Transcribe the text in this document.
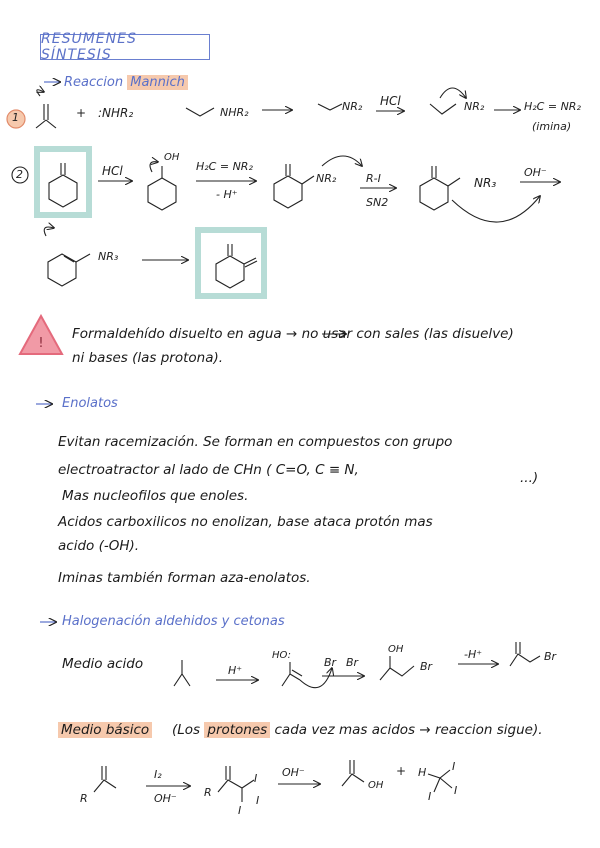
!
RESUMENES SÍNTESIS
Reaccion Mannich
1	+ :NHR₂	NHR₂	NR₂ HCl	NR₂	H₂C = NR₂
(imina)
2	HCl
OH
H₂C = NR₂
- H⁺
NR₂	R-I
SN2
NR₃
OH⁻
NR₃
Formaldehído disuelto en agua → no usar con sales (las disuelve)
ni bases (las protona).
Enolatos
Evitan racemización. Se forman en compuestos con grupo
electroatractor al lado de CHn ( C=O, C ≡ N,	...)
Mas nucleofilos que enoles.
Acidos carboxilicos no enolizan, base ataca protón mas
acido (-OH).
Iminas también forman aza-enolatos.
Halogenación aldehidos y cetonas
Medio acido	H⁺
HO:
Br Br
OH
Br
-H⁺	Br
Medio básico (Los protones cada vez mas acidos → reaccion sigue).
I₂
OH⁻
R
I
I
I
OH⁻
R
OH
+ H I
I I
